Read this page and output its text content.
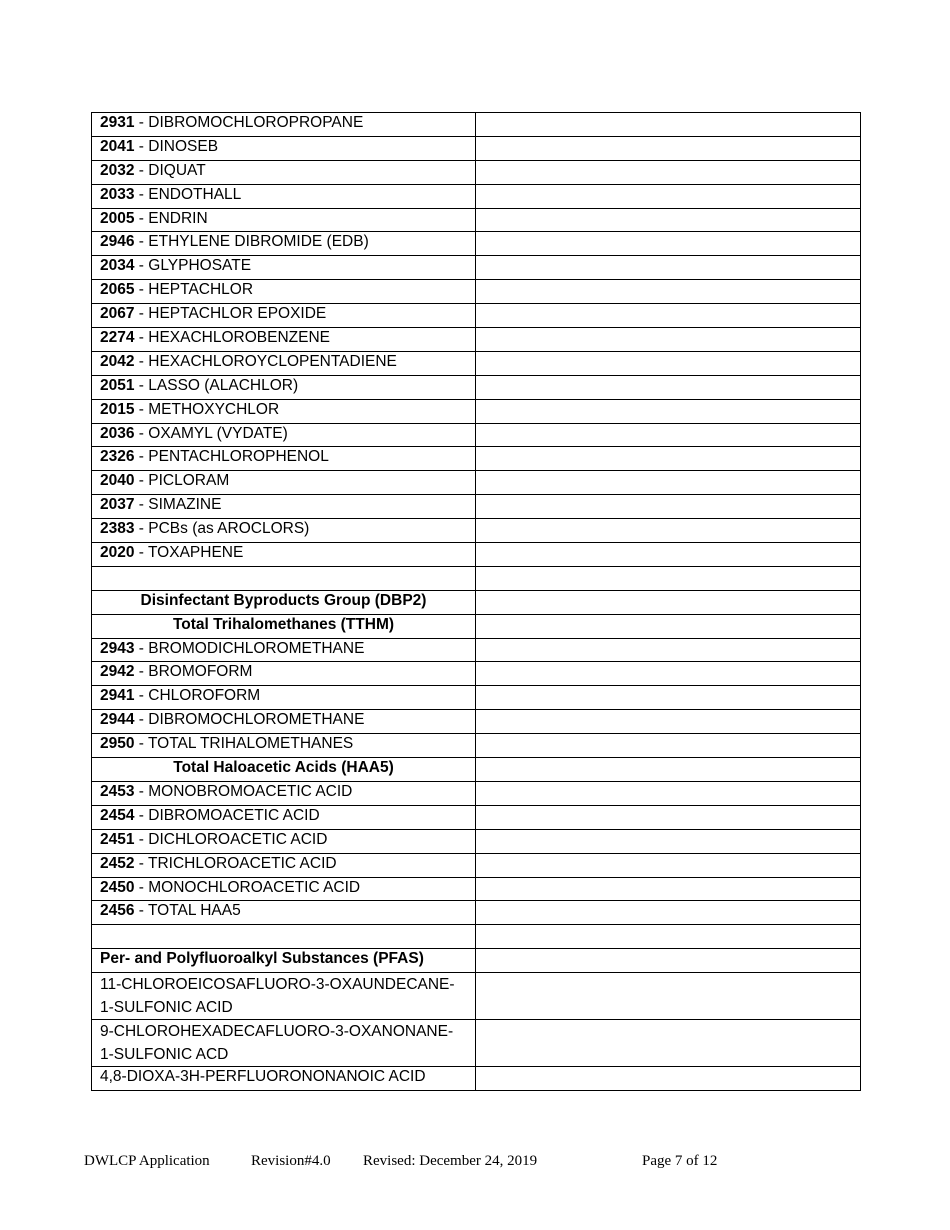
2931 - DIBROMOCHLOROPROPANE	
2041 - DINOSEB	
2032 - DIQUAT	
2033 - ENDOTHALL	
2005 - ENDRIN	
2946 - ETHYLENE DIBROMIDE (EDB)	
2034 - GLYPHOSATE	
2065 - HEPTACHLOR	
2067 - HEPTACHLOR EPOXIDE	
2274 - HEXACHLOROBENZENE	
2042 - HEXACHLOROYCLOPENTADIENE	
2051 - LASSO (ALACHLOR)	
2015 - METHOXYCHLOR	
2036 - OXAMYL (VYDATE)	
2326 - PENTACHLOROPHENOL	
2040 - PICLORAM	
2037 - SIMAZINE	
2383 - PCBs (as AROCLORS)	
2020 - TOXAPHENE	

Disinfectant Byproducts Group (DBP2)	
Total Trihalomethanes (TTHM)	
2943 - BROMODICHLOROMETHANE	
2942 - BROMOFORM	
2941 - CHLOROFORM	
2944 - DIBROMOCHLOROMETHANE	
2950 - TOTAL TRIHALOMETHANES	
Total Haloacetic Acids (HAA5)	
2453 - MONOBROMOACETIC ACID	
2454 - DIBROMOACETIC ACID	
2451 - DICHLOROACETIC ACID	
2452 - TRICHLOROACETIC ACID	
2450 - MONOCHLOROACETIC ACID	
2456 - TOTAL HAA5	

Per- and Polyfluoroalkyl Substances (PFAS)	

11-CHLOROEICOSAFLUORO-3-OXAUNDECANE-
1-SULFONIC ACID	

9-CHLOROHEXADECAFLUORO-3-OXANONANE-
1-SULFONIC ACD	

4,8-DIOXA-3H-PERFLUORONONANOIC ACID	
DWLCP Application	Revision#4.0 Revised: December 24, 2019	Page 7 of 12
